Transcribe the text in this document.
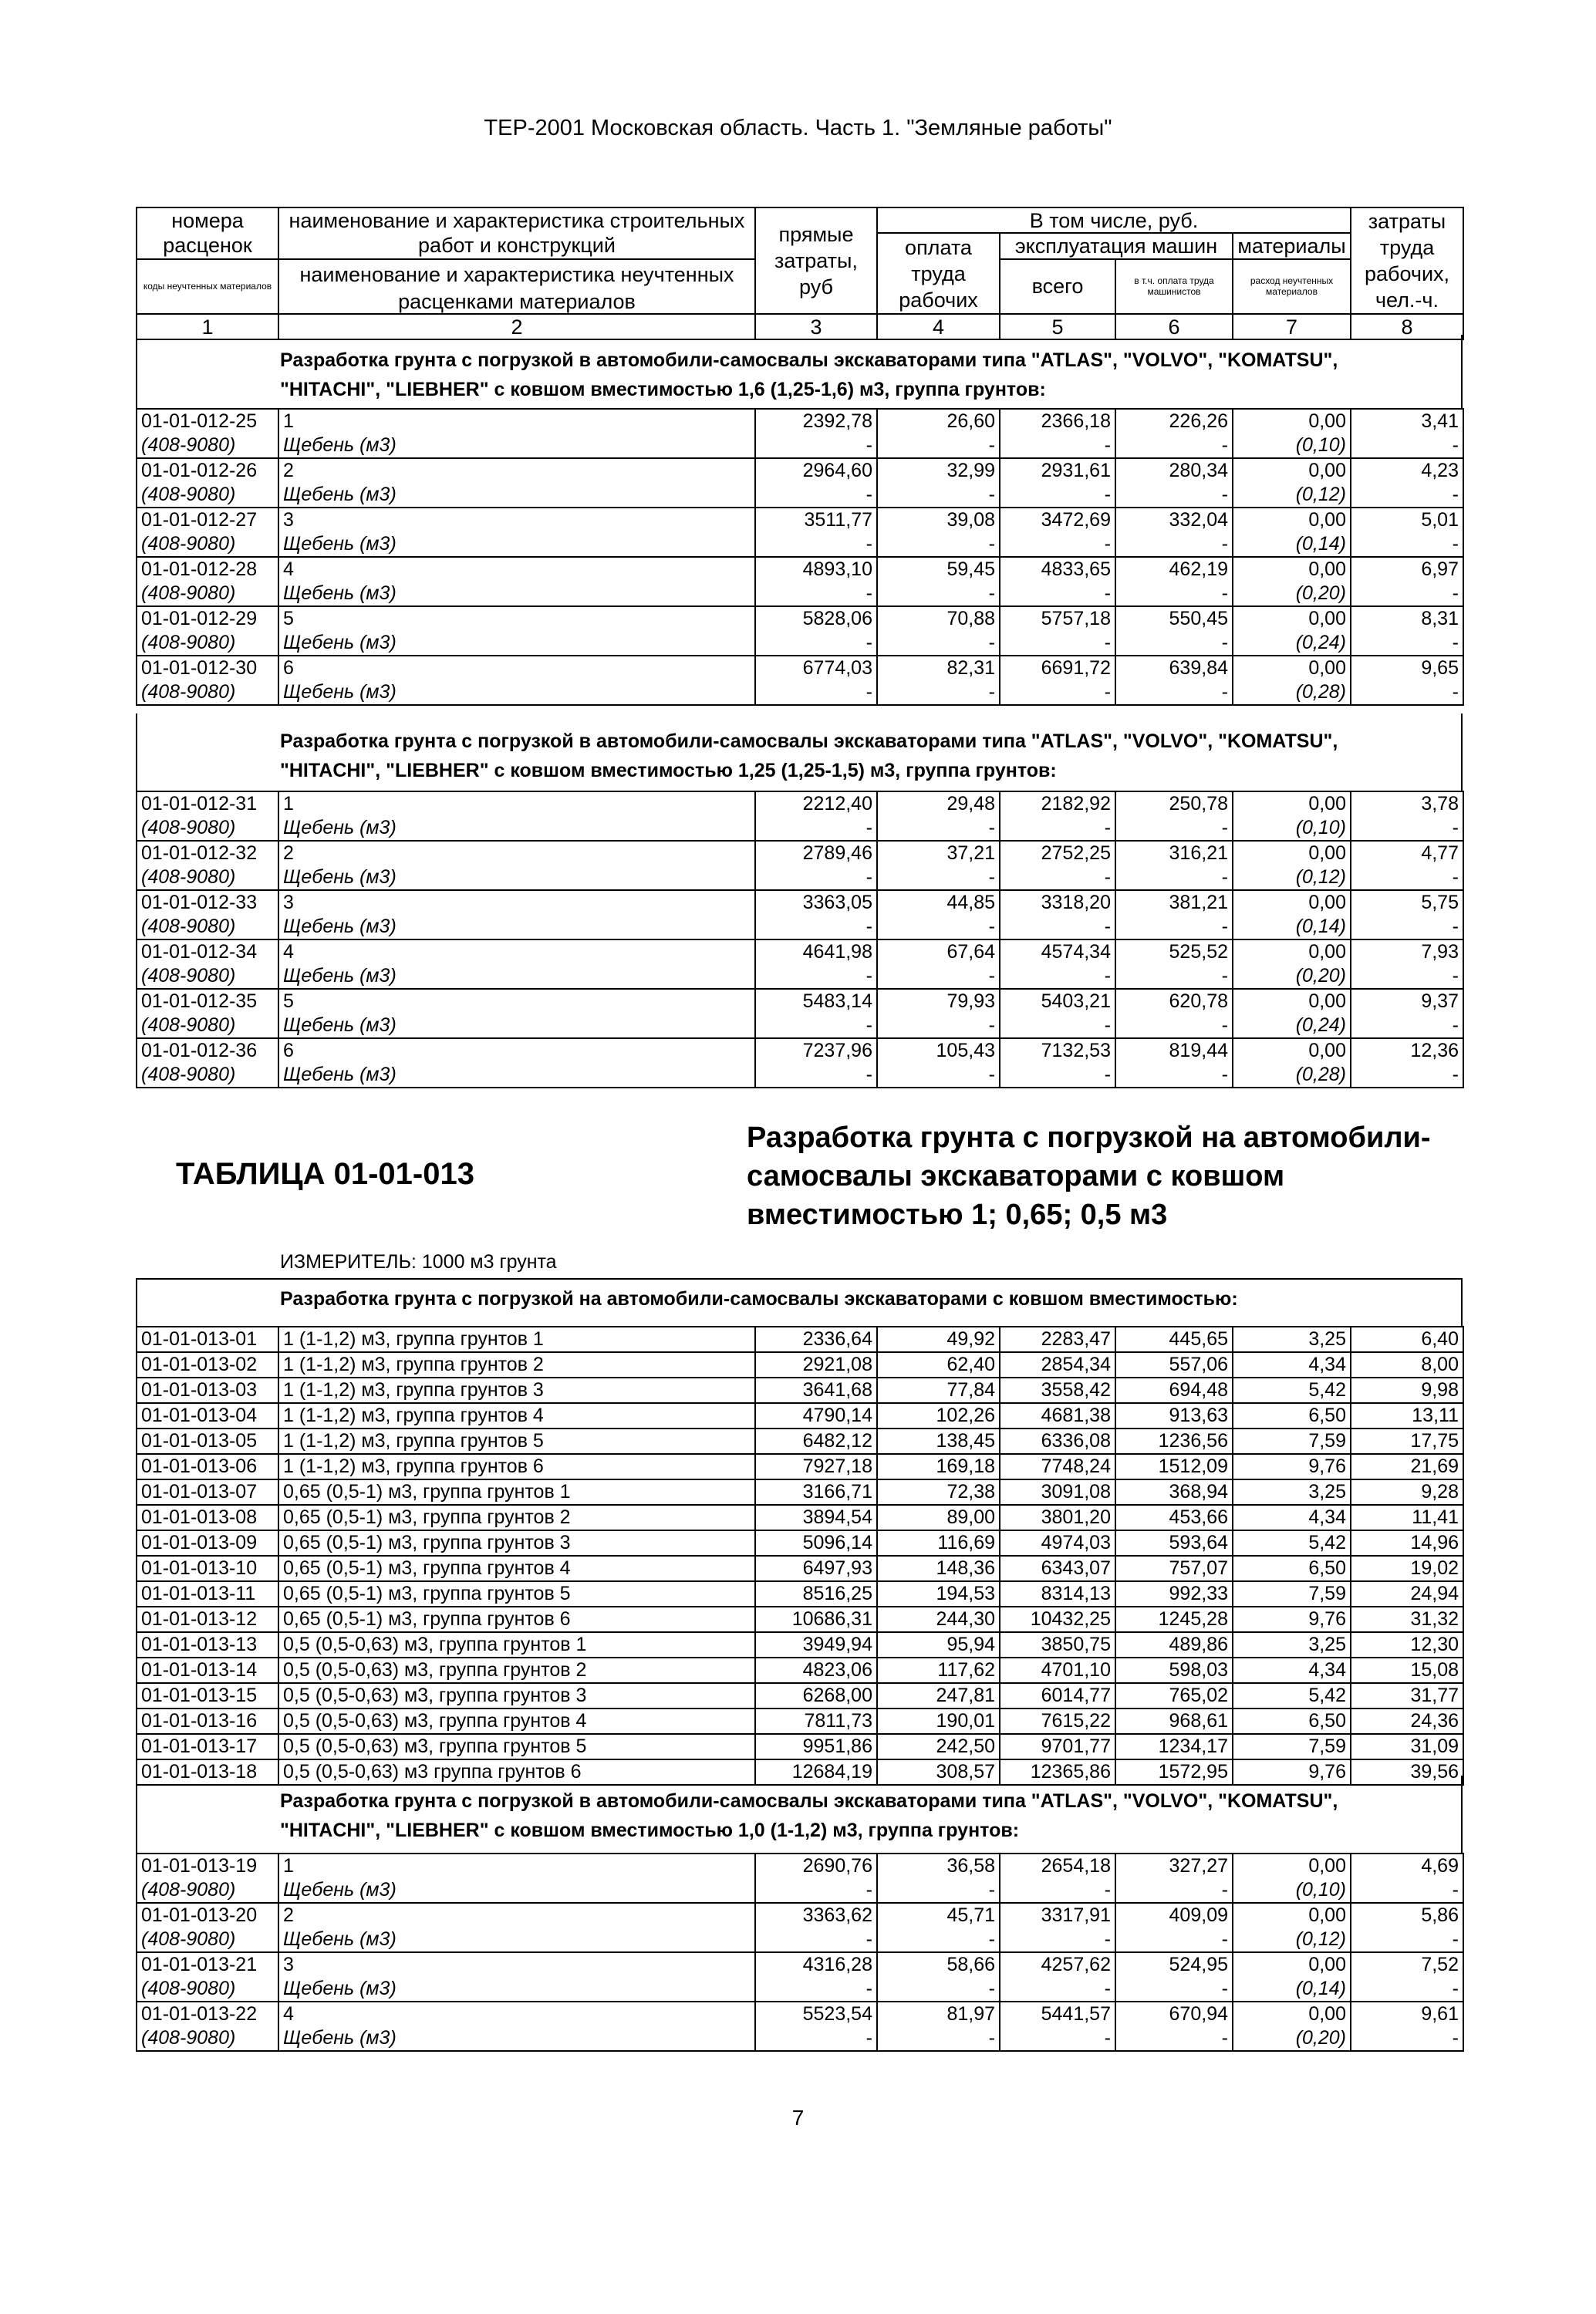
ТЕР-2001 Московская область. Часть 1. "Земляные работы"
номера	наименование и характеристика строительных	прямые затраты, руб	В том числе, руб.				затраты труда рабочих, чел.-ч.
расценок	работ и конструкций		оплата труда рабочих	эксплуатация машин		материалы	
коды неучтенных материалов	наименование и характеристика неучтенных			всего	в т.ч. оплата труда машинистов	расход неучтенных материалов	
	расценками материалов						
1	2	3	4	5	6	7	8
Разработка грунта с погрузкой в автомобили-самосвалы экскаваторами типа "ATLAS", "VOLVO", "KOMATSU",
"HITACHI", "LIEBHER" с ковшом вместимостью 1,6 (1,25-1,6) м3, группа грунтов:
01-01-012-25	1	2392,78	26,60	2366,18	226,26	0,00	3,41
(408-9080)	Щебень (м3)	-	-	-	-	(0,10)	-
01-01-012-26	2	2964,60	32,99	2931,61	280,34	0,00	4,23
(408-9080)	Щебень (м3)	-	-	-	-	(0,12)	-
01-01-012-27	3	3511,77	39,08	3472,69	332,04	0,00	5,01
(408-9080)	Щебень (м3)	-	-	-	-	(0,14)	-
01-01-012-28	4	4893,10	59,45	4833,65	462,19	0,00	6,97
(408-9080)	Щебень (м3)	-	-	-	-	(0,20)	-
01-01-012-29	5	5828,06	70,88	5757,18	550,45	0,00	8,31
(408-9080)	Щебень (м3)	-	-	-	-	(0,24)	-
01-01-012-30	6	6774,03	82,31	6691,72	639,84	0,00	9,65
(408-9080)	Щебень (м3)	-	-	-	-	(0,28)	-
Разработка грунта с погрузкой в автомобили-самосвалы экскаваторами типа "ATLAS", "VOLVO", "KOMATSU",
"HITACHI", "LIEBHER" с ковшом вместимостью 1,25 (1,25-1,5) м3, группа грунтов:
01-01-012-31	1	2212,40	29,48	2182,92	250,78	0,00	3,78
(408-9080)	Щебень (м3)	-	-	-	-	(0,10)	-
01-01-012-32	2	2789,46	37,21	2752,25	316,21	0,00	4,77
(408-9080)	Щебень (м3)	-	-	-	-	(0,12)	-
01-01-012-33	3	3363,05	44,85	3318,20	381,21	0,00	5,75
(408-9080)	Щебень (м3)	-	-	-	-	(0,14)	-
01-01-012-34	4	4641,98	67,64	4574,34	525,52	0,00	7,93
(408-9080)	Щебень (м3)	-	-	-	-	(0,20)	-
01-01-012-35	5	5483,14	79,93	5403,21	620,78	0,00	9,37
(408-9080)	Щебень (м3)	-	-	-	-	(0,24)	-
01-01-012-36	6	7237,96	105,43	7132,53	819,44	0,00	12,36
(408-9080)	Щебень (м3)	-	-	-	-	(0,28)	-
ТАБЛИЦА 01-01-013
Разработка грунта с погрузкой на автомобили-
самосвалы экскаваторами с ковшом
вместимостью 1; 0,65; 0,5 м3
ИЗМЕРИТЕЛЬ: 1000 м3 грунта
Разработка грунта с погрузкой на автомобили-самосвалы экскаваторами с ковшом вместимостью:
01-01-013-01	1 (1-1,2) м3, группа грунтов 1	2336,64	49,92	2283,47	445,65	3,25	6,40
01-01-013-02	1 (1-1,2) м3, группа грунтов 2	2921,08	62,40	2854,34	557,06	4,34	8,00
01-01-013-03	1 (1-1,2) м3, группа грунтов 3	3641,68	77,84	3558,42	694,48	5,42	9,98
01-01-013-04	1 (1-1,2) м3, группа грунтов 4	4790,14	102,26	4681,38	913,63	6,50	13,11
01-01-013-05	1 (1-1,2) м3, группа грунтов 5	6482,12	138,45	6336,08	1236,56	7,59	17,75
01-01-013-06	1 (1-1,2) м3, группа грунтов 6	7927,18	169,18	7748,24	1512,09	9,76	21,69
01-01-013-07	0,65 (0,5-1) м3, группа грунтов 1	3166,71	72,38	3091,08	368,94	3,25	9,28
01-01-013-08	0,65 (0,5-1) м3, группа грунтов 2	3894,54	89,00	3801,20	453,66	4,34	11,41
01-01-013-09	0,65 (0,5-1) м3, группа грунтов 3	5096,14	116,69	4974,03	593,64	5,42	14,96
01-01-013-10	0,65 (0,5-1) м3, группа грунтов 4	6497,93	148,36	6343,07	757,07	6,50	19,02
01-01-013-11	0,65 (0,5-1) м3, группа грунтов 5	8516,25	194,53	8314,13	992,33	7,59	24,94
01-01-013-12	0,65 (0,5-1) м3, группа грунтов 6	10686,31	244,30	10432,25	1245,28	9,76	31,32
01-01-013-13	0,5 (0,5-0,63) м3, группа грунтов 1	3949,94	95,94	3850,75	489,86	3,25	12,30
01-01-013-14	0,5 (0,5-0,63) м3, группа грунтов 2	4823,06	117,62	4701,10	598,03	4,34	15,08
01-01-013-15	0,5 (0,5-0,63) м3, группа грунтов 3	6268,00	247,81	6014,77	765,02	5,42	31,77
01-01-013-16	0,5 (0,5-0,63) м3, группа грунтов 4	7811,73	190,01	7615,22	968,61	6,50	24,36
01-01-013-17	0,5 (0,5-0,63) м3, группа грунтов 5	9951,86	242,50	9701,77	1234,17	7,59	31,09
01-01-013-18	0,5 (0,5-0,63) м3 группа грунтов 6	12684,19	308,57	12365,86	1572,95	9,76	39,56
Разработка грунта с погрузкой в автомобили-самосвалы экскаваторами типа "ATLAS", "VOLVO", "KOMATSU",
"HITACHI", "LIEBHER" с ковшом вместимостью 1,0 (1-1,2) м3, группа грунтов:
01-01-013-19	1	2690,76	36,58	2654,18	327,27	0,00	4,69
(408-9080)	Щебень (м3)	-	-	-	-	(0,10)	-
01-01-013-20	2	3363,62	45,71	3317,91	409,09	0,00	5,86
(408-9080)	Щебень (м3)	-	-	-	-	(0,12)	-
01-01-013-21	3	4316,28	58,66	4257,62	524,95	0,00	7,52
(408-9080)	Щебень (м3)	-	-	-	-	(0,14)	-
01-01-013-22	4	5523,54	81,97	5441,57	670,94	0,00	9,61
(408-9080)	Щебень (м3)	-	-	-	-	(0,20)	-
7
